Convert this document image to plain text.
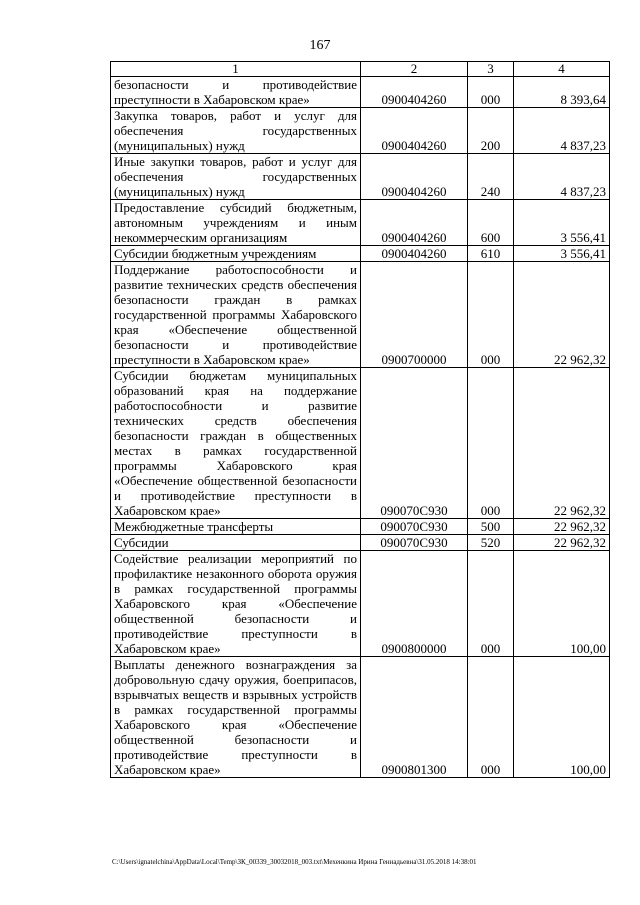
167
1	2	3	4
безопасности и противодействие преступности в Хабаровском крае»	0900404260	000	8 393,64
Закупка товаров, работ и услуг для обеспечения государственных (муниципальных) нужд	0900404260	200	4 837,23
Иные закупки товаров, работ и услуг для обеспечения государственных (муниципальных) нужд	0900404260	240	4 837,23
Предоставление субсидий бюджетным, автономным учреждениям и иным некоммерческим организациям	0900404260	600	3 556,41
Субсидии бюджетным учреждениям	0900404260	610	3 556,41
Поддержание работоспособности и развитие технических средств обеспечения безопасности граждан в рамках государственной программы Хабаровского края «Обеспечение общественной безопасности и противодействие преступности в Хабаровском крае»	0900700000	000	22 962,32
Субсидии бюджетам муниципальных образований края на поддержание работоспособности и развитие технических средств обеспечения безопасности граждан в общественных местах в рамках государственной программы Хабаровского края «Обеспечение общественной безопасности и противодействие преступности в Хабаровском крае»	090070С930	000	22 962,32
Межбюджетные трансферты	090070С930	500	22 962,32
Субсидии	090070С930	520	22 962,32
Содействие реализации мероприятий по профилактике незаконного оборота оружия в рамках государственной программы Хабаровского края «Обеспечение общественной безопасности и противодействие преступности в Хабаровском крае»	0900800000	000	100,00
Выплаты денежного вознаграждения за добровольную сдачу оружия, боеприпасов, взрывчатых веществ и взрывных устройств в рамках государственной программы Хабаровского края «Обеспечение общественной безопасности и противодействие преступности в Хабаровском крае»	0900801300	000	100,00
C:\Users\ignatelchina\AppData\Local\Temp\ЗК_00339_30032018_003.txt\Мехенкина Ирина Геннадьевна\31.05.2018 14:38:01
